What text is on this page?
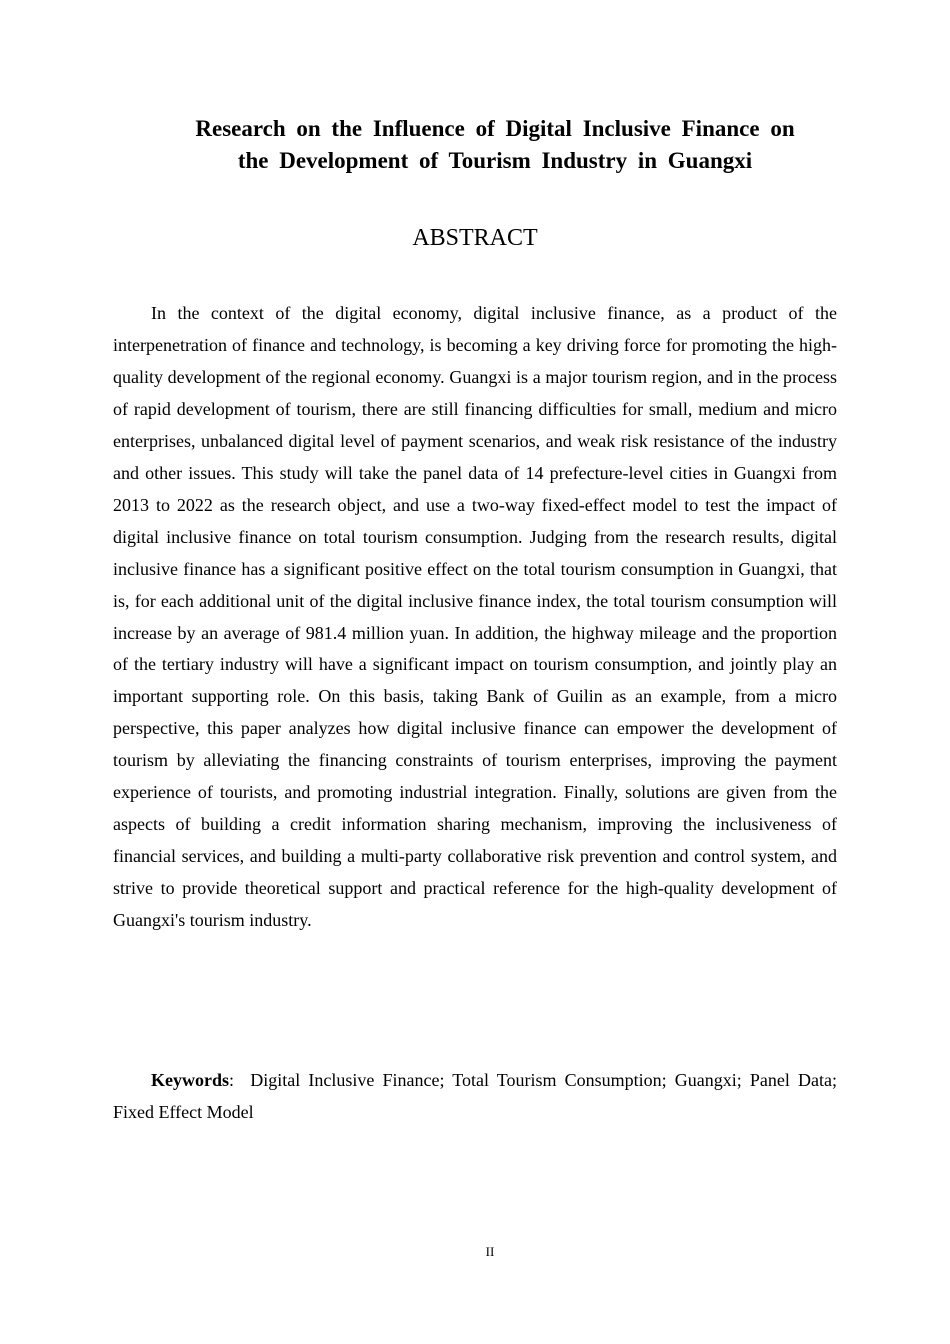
Research on the Influence of Digital Inclusive Finance on
the Development of Tourism Industry in Guangxi
ABSTRACT

In the context of the digital economy, digital inclusive finance, as a product of the interpenetration of finance and technology, is becoming a key driving force for promoting the high-quality development of the regional economy. Guangxi is a major tourism region, and in the process of rapid development of tourism, there are still financing difficulties for small, medium and micro enterprises, unbalanced digital level of payment scenarios, and weak risk resistance of the industry and other issues. This study will take the panel data of 14 prefecture-level cities in Guangxi from 2013 to 2022 as the research object, and use a two-way fixed-effect model to test the impact of digital inclusive finance on total tourism consumption. Judging from the research results, digital inclusive finance has a significant positive effect on the total tourism consumption in Guangxi, that is, for each additional unit of the digital inclusive finance index, the total tourism consumption will increase by an average of 981.4 million yuan. In addition, the highway mileage and the proportion of the tertiary industry will have a significant impact on tourism consumption, and jointly play an important supporting role. On this basis, taking Bank of Guilin as an example, from a micro perspective, this paper analyzes how digital inclusive finance can empower the development of tourism by alleviating the financing constraints of tourism enterprises, improving the payment experience of tourists, and promoting industrial integration. Finally, solutions are given from the aspects of building a credit information sharing mechanism, improving the inclusiveness of financial services, and building a multi-party collaborative risk prevention and control system, and strive to provide theoretical support and practical reference for the high-quality development of Guangxi's tourism industry.

Keywords: Digital Inclusive Finance; Total Tourism Consumption; Guangxi; Panel Data; Fixed Effect Model

II
